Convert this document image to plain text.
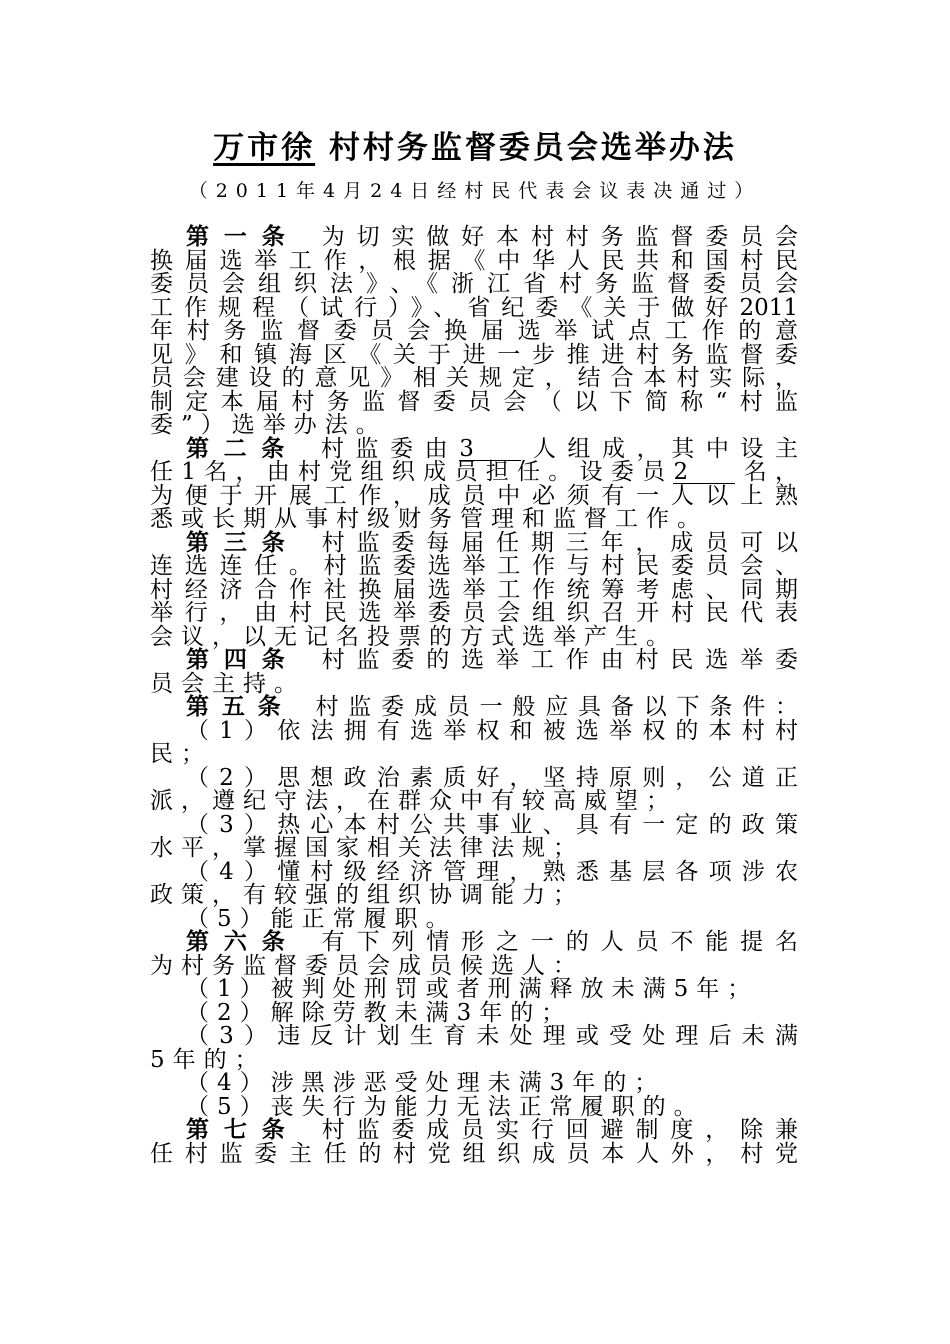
万市徐 村村务监督委员会选举办法
（2011年4月24日经村民代表会议表决通过）
第一条 为切实做好本村村务监督委员会
换届选举工作，根据《中华人民共和国村民
委员会组织法》、《浙江省村务监督委员会
工作规程（试行）》、省纪委《关于做好2011
年村务监督委员会换届选举试点工作的意
见》和镇海区《关于进一步推进村务监督委
员会建设的意见》相关规定，结合本村实际，
制定本届村务监督委员会（以下简称“村监
委”）选举办法。
第二条 村监委由3 人组成，其中设主
任1名，由村党组织成员担任。设委员2 名，
为便于开展工作，成员中必须有一人以上熟
悉或长期从事村级财务管理和监督工作。
第三条 村监委每届任期三年，成员可以
连选连任。村监委选举工作与村民委员会、
村经济合作社换届选举工作统筹考虑、同期
举行，由村民选举委员会组织召开村民代表
会议，以无记名投票的方式选举产生。
第四条 村监委的选举工作由村民选举委
员会主持。
第五条 村监委成员一般应具备以下条件：
（1）依法拥有选举权和被选举权的本村村
民；
（2）思想政治素质好，坚持原则，公道正
派，遵纪守法，在群众中有较高威望；
（3）热心本村公共事业、具有一定的政策
水平，掌握国家相关法律法规；
（4）懂村级经济管理，熟悉基层各项涉农
政策，有较强的组织协调能力；
（5）能正常履职。
第六条 有下列情形之一的人员不能提名
为村务监督委员会成员候选人：
（1）被判处刑罚或者刑满释放未满5年；
（2）解除劳教未满3年的；
（3）违反计划生育未处理或受处理后未满
5年的；
（4）涉黑涉恶受处理未满3年的；
（5）丧失行为能力无法正常履职的。
第七条 村监委成员实行回避制度，除兼
任村监委主任的村党组织成员本人外，村党
